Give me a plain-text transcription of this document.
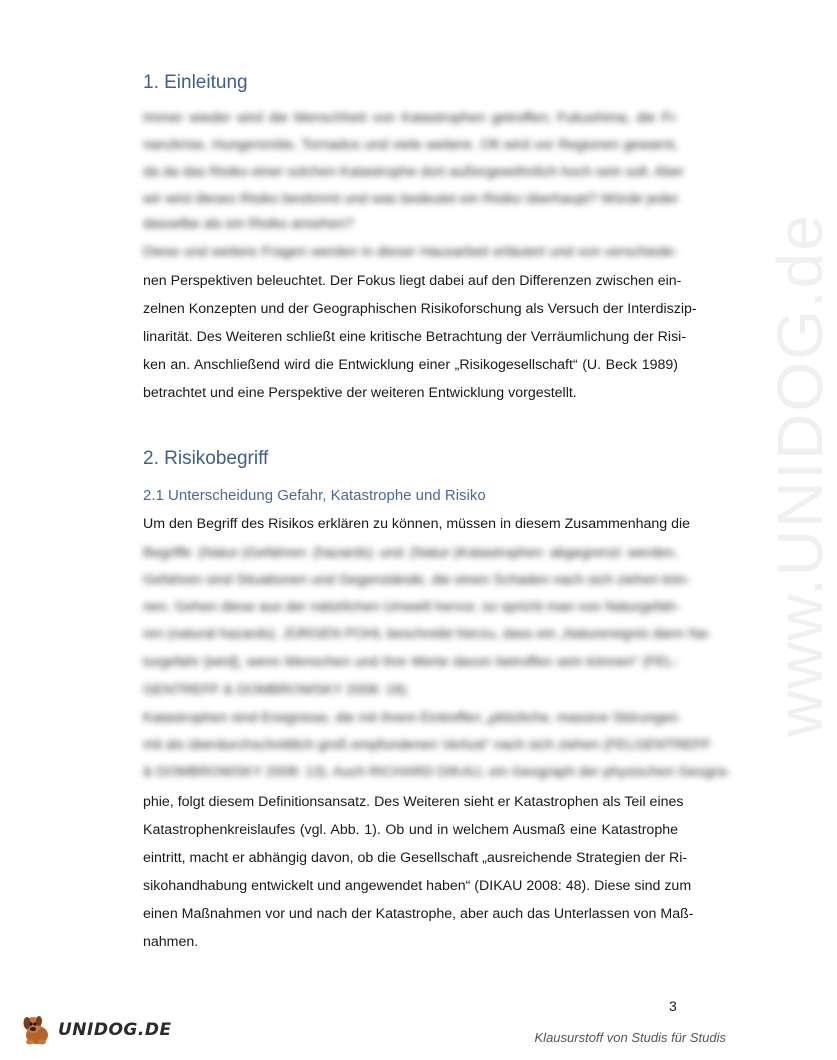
www.UNIDOG.de
1. Einleitung
Immer wieder wird die Menschheit von Katastrophen getroffen; Fukushima, die Fi-
nanzkrise, Hungersnöte, Tornados und viele weitere. Oft wird vor Regionen gewarnt,
da da das Risiko einer solchen Katastrophe dort außergewöhnlich hoch sein soll. Aber
wir wird dieses Risiko bestimmt und was bedeutet ein Risiko überhaupt? Würde jeder
dasselbe als ein Risiko ansehen?
Diese und weitere Fragen werden in dieser Hausarbeit erläutert und von verschiede-
nen Perspektiven beleuchtet. Der Fokus liegt dabei auf den Differenzen zwischen ein-
zelnen Konzepten und der Geographischen Risikoforschung als Versuch der Interdiszip-
linarität. Des Weiteren schließt eine kritische Betrachtung der Verräumlichung der Risi-
ken an. Anschließend wird die Entwicklung einer „Risikogesellschaft“ (U. Beck 1989)
betrachtet und eine Perspektive der weiteren Entwicklung vorgestellt.
2. Risikobegriff
2.1 Unterscheidung Gefahr, Katastrophe und Risiko
Um den Begriff des Risikos erklären zu können, müssen in diesem Zusammenhang die
Begriffe (Natur-)Gefahren (hazards) und (Natur-)Katastrophen abgegrenzt werden.
Gefahren sind Situationen und Gegenstände, die einen Schaden nach sich ziehen kön-
nen. Gehen diese aus der natürlichen Umwelt hervor, so spricht man von Naturgefah-
ren (natural hazards). JÜRGEN POHL beschreibt hierzu, dass ein „Naturereignis dann Na-
turgefahr [wird], wenn Menschen und ihre Werte davon betroffen sein können“ (FEL-
GENTREFF & DOMBROWSKY 2008: 18).
Katastrophen sind Ereignisse, die mit ihrem Eintreffen „plötzliche, massive Störungen
mit als überdurchschnittlich groß empfundenen Verlust“ nach sich ziehen (FELGENTREFF
& DOMBROWSKY 2008: 13). Auch RICHARD DIKAU, ein Geograph der physischen Geogra-
phie, folgt diesem Definitionsansatz. Des Weiteren sieht er Katastrophen als Teil eines
Katastrophenkreislaufes (vgl. Abb. 1). Ob und in welchem Ausmaß eine Katastrophe
eintritt, macht er abhängig davon, ob die Gesellschaft „ausreichende Strategien der Ri-
sikohandhabung entwickelt und angewendet haben“ (DIKAU 2008: 48). Diese sind zum
einen Maßnahmen vor und nach der Katastrophe, aber auch das Unterlassen von Maß-
nahmen.
3
UNIDOG.DE	Klausurstoff von Studis für Studis
